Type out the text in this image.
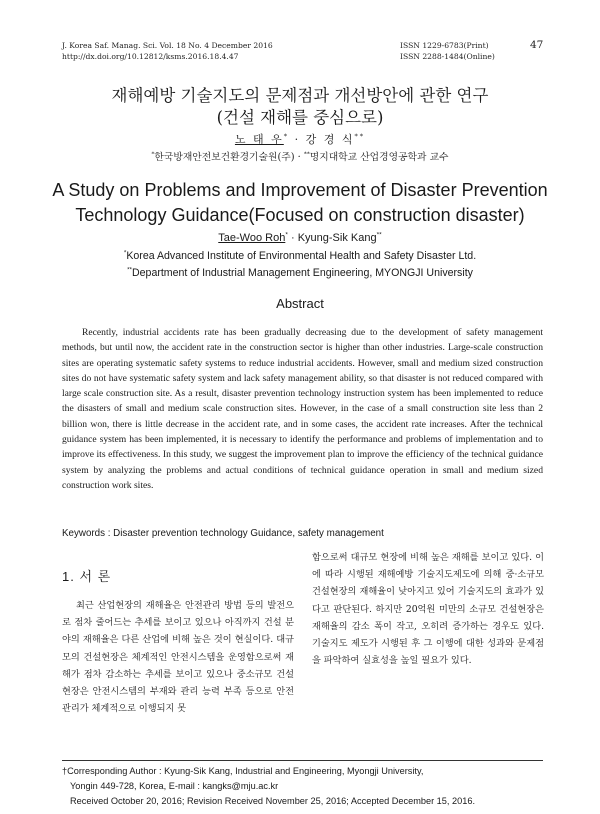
J. Korea Saf. Manag. Sci. Vol. 18 No. 4 December 2016
http://dx.doi.org/10.12812/ksms.2016.18.4.47
ISSN 1229-6783(Print)
ISSN 2288-1484(Online)
47
재해예방 기술지도의 문제점과 개선방안에 관한 연구
(건설 재해를 중심으로)
노 태 우* · 강 경 식**
*한국방재안전보건환경기술원(주) · **명지대학교 산업경영공학과 교수
A Study on Problems and Improvement of Disaster Prevention
Technology Guidance(Focused on construction disaster)
Tae-Woo Roh* · Kyung-Sik Kang**
*Korea Advanced Institute of Environmental Health and Safety Disaster Ltd.
**Department of Industrial Management Engineering, MYONGJI University
Abstract

Recently, industrial accidents rate has been gradually decreasing due to the development of safety management methods, but until now, the accident rate in the construction sector is higher than other industries. Large-scale construction sites are operating systematic safety systems to reduce industrial accidents. However, small and medium sized construction sites do not have systematic safety system and lack safety management ability, so that disaster is not reduced compared with large scale construction site. As a result, disaster prevention technology instruction system has been implemented to reduce the disasters of small and medium scale construction sites. However, in the case of a small construction site less than 2 billion won, there is little decrease in the accident rate, and in some cases, the accident rate increases. After the technical guidance system has been implemented, it is necessary to identify the performance and problems of implementation and to improve its effectiveness. In this study, we suggest the improvement plan to improve the efficiency of the technical guidance system by analyzing the problems and actual conditions of technical guidance operation in small and medium sized construction work sites.

Keywords : Disaster prevention technology Guidance, safety management
1. 서 론

최근 산업현장의 재해율은 안전관리 방법 등의 발전으로 점차 줄어드는 추세를 보이고 있으나 아직까지 건설 분야의 재해율은 다른 산업에 비해 높은 것이 현실이다. 대규모의 건설현장은 체계적인 안전시스템을 운영함으로써 재해가 점차 감소하는 추세를 보이고 있으나 중소규모 건설현장은 안전시스템의 부재와 관리 능력 부족 등으로 안전관리가 체계적으로 이행되지 못

함으로써 대규모 현장에 비해 높은 재해를 보이고 있다. 이에 따라 시행된 재해예방 기술지도제도에 의해 중·소규모 건설현장의 재해율이 낮아지고 있어 기술지도의 효과가 있다고 판단된다. 하지만 20억원 미만의 소규모 건설현장은 재해율의 감소 폭이 작고, 오히려 증가하는 경우도 있다. 기술지도 제도가 시행된 후 그 이행에 대한 성과와 문제점을 파악하여 실효성을 높일 필요가 있다.

†Corresponding Author : Kyung-Sik Kang, Industrial and Engineering, Myongji University,
Yongin 449-728, Korea, E-mail : kangks@mju.ac.kr
Received October 20, 2016; Revision Received November 25, 2016; Accepted December 15, 2016.
